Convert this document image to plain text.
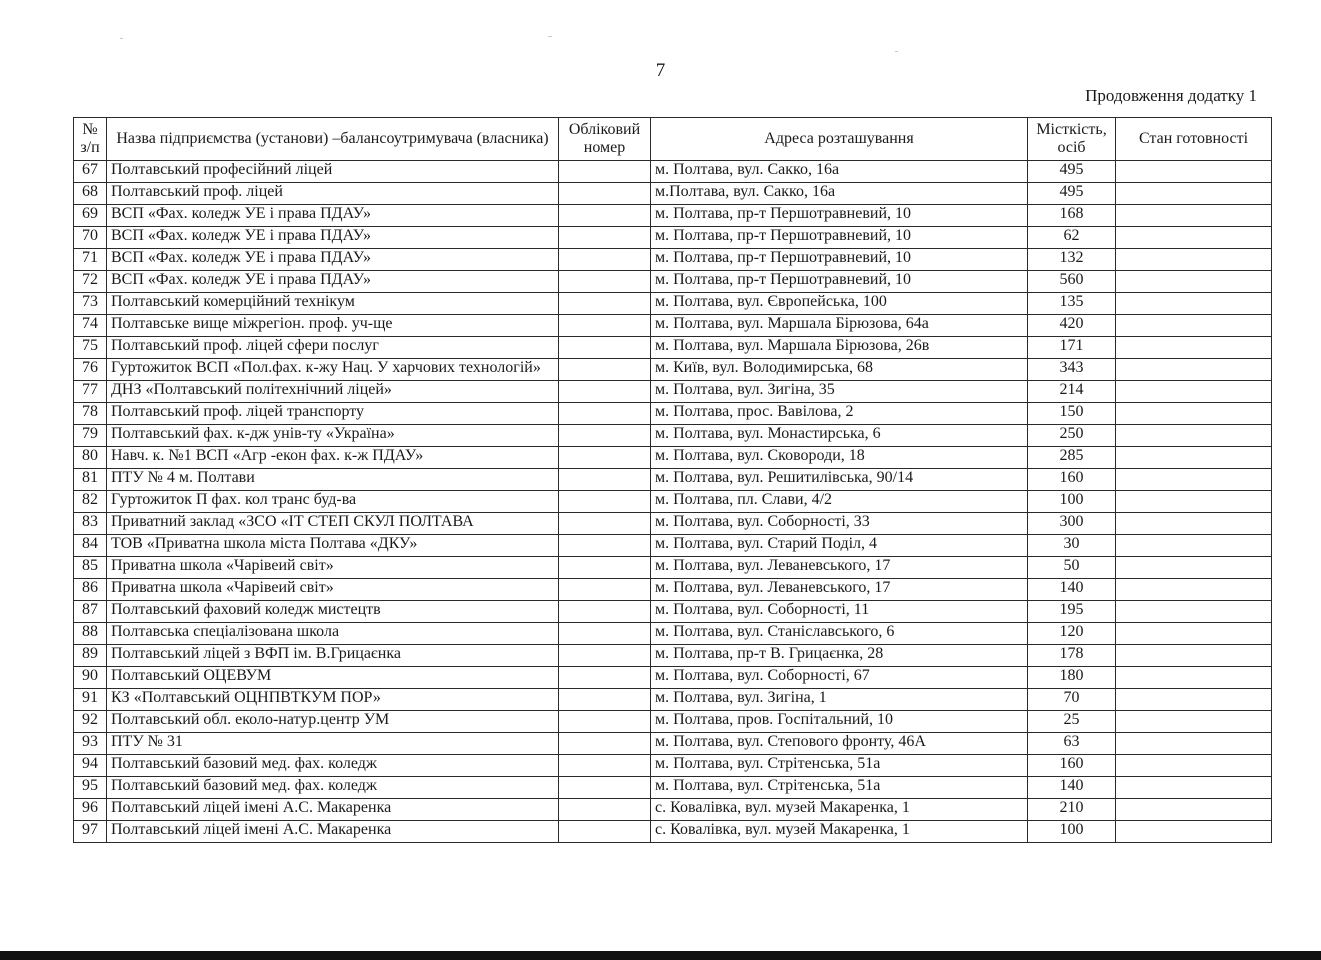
7
Продовження додатку 1
№ з/п	Назва підприємства (установи) –балансоутримувача (власника)	Обліковий номер	Адреса розташування	Місткість, осіб	Стан готовності
67	Полтавський професійний ліцей		м. Полтава, вул. Сакко, 16а	495	
68	Полтавський проф. ліцей		м.Полтава, вул. Сакко, 16а	495	
69	ВСП «Фах. коледж УЕ і права ПДАУ»		м. Полтава, пр-т Першотравневий, 10	168	
70	ВСП «Фах. коледж УЕ і права ПДАУ»		м. Полтава, пр-т Першотравневий, 10	62	
71	ВСП «Фах. коледж УЕ і права ПДАУ»		м. Полтава, пр-т Першотравневий, 10	132	
72	ВСП «Фах. коледж УЕ і права ПДАУ»		м. Полтава, пр-т Першотравневий, 10	560	
73	Полтавський комерційний технікум		м. Полтава, вул. Європейська, 100	135	
74	Полтавське вище міжрегіон. проф. уч-ще		м. Полтава, вул. Маршала Бірюзова, 64а	420	
75	Полтавський проф. ліцей сфери послуг		м. Полтава, вул. Маршала Бірюзова, 26в	171	
76	Гуртожиток ВСП «Пол.фах. к-жу Нац. У харчових технологій»		м. Київ, вул. Володимирська, 68	343	
77	ДНЗ «Полтавський політехнічний ліцей»		м. Полтава, вул. Зигіна, 35	214	
78	Полтавський проф. ліцей транспорту		м. Полтава, прос. Вавілова, 2	150	
79	Полтавський фах. к-дж унів-ту «Україна»		м. Полтава, вул. Монастирська, 6	250	
80	Навч. к. №1 ВСП «Агр -екон фах. к-ж ПДАУ»		м. Полтава, вул. Сковороди, 18	285	
81	ПТУ № 4 м. Полтави		м. Полтава, вул. Решитилівська, 90/14	160	
82	Гуртожиток П фах. кол транс буд-ва		м. Полтава, пл. Слави, 4/2	100	
83	Приватний заклад «ЗСО «ІТ СТЕП СКУЛ ПОЛТАВА		м. Полтава, вул. Соборності, 33	300	
84	ТОВ «Приватна школа міста Полтава «ДКУ»		м. Полтава, вул. Старий Поділ, 4	30	
85	Приватна школа «Чарівеий світ»		м. Полтава, вул. Леваневського, 17	50	
86	Приватна школа «Чарівеий світ»		м. Полтава, вул. Леваневського, 17	140	
87	Полтавський фаховий коледж мистецтв		м. Полтава, вул. Соборності, 11	195	
88	Полтавська спеціалізована школа		м. Полтава, вул. Станіславського, 6	120	
89	Полтавський ліцей з ВФП ім. В.Грицаєнка		м. Полтава, пр-т В. Грицаєнка, 28	178	
90	Полтавський ОЦЕВУМ		м. Полтава, вул. Соборності, 67	180	
91	КЗ «Полтавський ОЦНПВТКУМ ПОР»		м. Полтава, вул. Зигіна, 1	70	
92	Полтавський обл. еколо-натур.центр УМ		м. Полтава, пров. Госпітальний, 10	25	
93	ПТУ № 31		м. Полтава, вул. Степового фронту, 46А	63	
94	Полтавський базовий мед. фах. коледж		м. Полтава, вул. Стрітенська, 51а	160	
95	Полтавський базовий мед. фах. коледж		м. Полтава, вул. Стрітенська, 51а	140	
96	Полтавський ліцей імені А.С. Макаренка		с. Ковалівка, вул. музей Макаренка, 1	210	
97	Полтавський ліцей імені А.С. Макаренка		с. Ковалівка, вул. музей Макаренка, 1	100	
